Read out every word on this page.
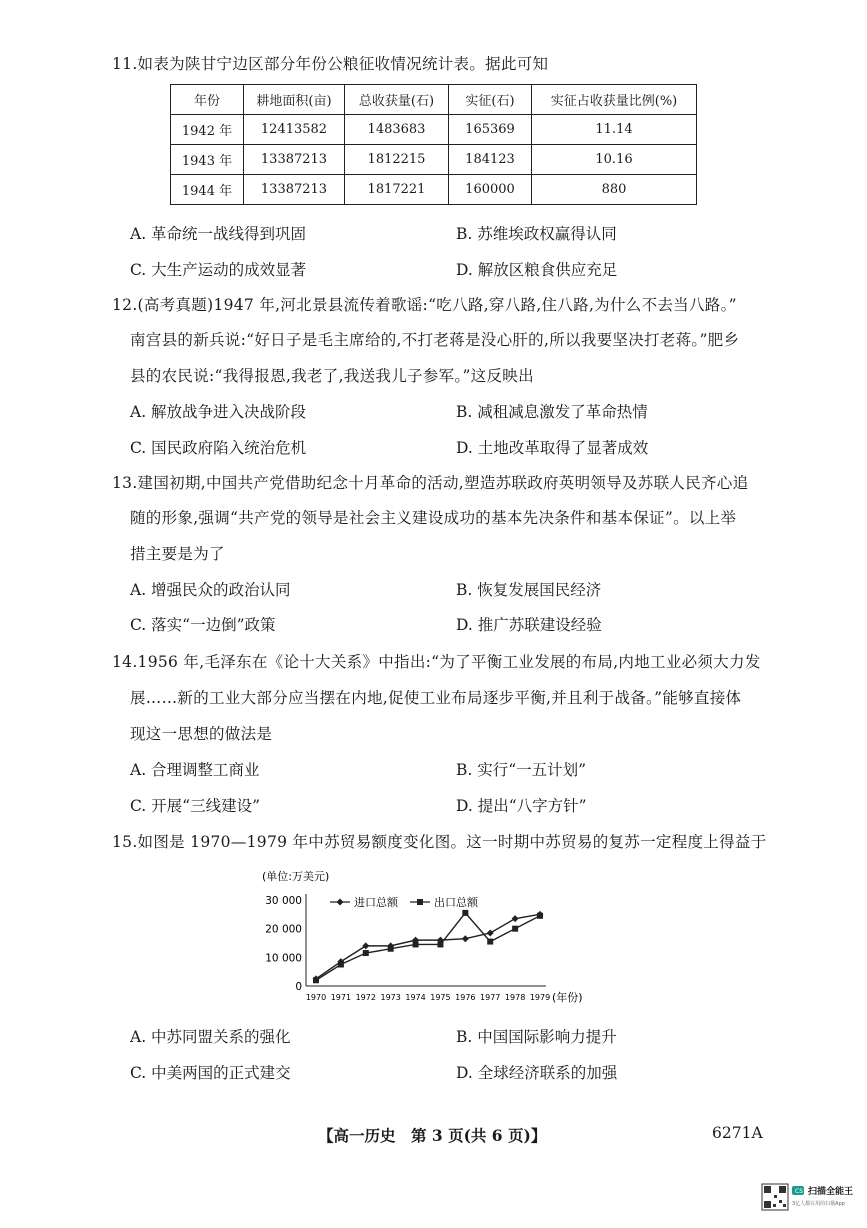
11.如表为陕甘宁边区部分年份公粮征收情况统计表。据此可知
年份	耕地面积(亩)	总收获量(石)	实征(石)	实征占收获量比例(%)
1942 年	12413582	1483683	165369	11.14
1943 年	13387213	1812215	184123	10.16
1944 年	13387213	1817221	160000	880
A. 革命统一战线得到巩固	B. 苏维埃政权赢得认同
C. 大生产运动的成效显著	D. 解放区粮食供应充足
12.(高考真题)1947 年,河北景县流传着歌谣:“吃八路,穿八路,住八路,为什么不去当八路。”
南宫县的新兵说:“好日子是毛主席给的,不打老蒋是没心肝的,所以我要坚决打老蒋。”肥乡
县的农民说:“我得报恩,我老了,我送我儿子参军。”这反映出
A. 解放战争进入决战阶段	B. 减租减息激发了革命热情
C. 国民政府陷入统治危机	D. 土地改革取得了显著成效
13.建国初期,中国共产党借助纪念十月革命的活动,塑造苏联政府英明领导及苏联人民齐心追
随的形象,强调“共产党的领导是社会主义建设成功的基本先决条件和基本保证”。以上举
措主要是为了
A. 增强民众的政治认同	B. 恢复发展国民经济
C. 落实“一边倒”政策	D. 推广苏联建设经验
14.1956 年,毛泽东在《论十大关系》中指出:“为了平衡工业发展的布局,内地工业必须大力发
展……新的工业大部分应当摆在内地,促使工业布局逐步平衡,并且利于战备。”能够直接体
现这一思想的做法是
A. 合理调整工商业	B. 实行“一五计划”
C. 开展“三线建设”	D. 提出“八字方针”
15.如图是 1970—1979 年中苏贸易额度变化图。这一时期中苏贸易的复苏一定程度上得益于
(单位:万美元)
进口总额	出口总额
0
10 000
20 000
30 000
1970 1971 1972 1973 1974 1975 1976 1977 1978 1979 (年份)
A. 中苏同盟关系的强化	B. 中国国际影响力提升
C. 中美两国的正式建交	D. 全球经济联系的加强
【高一历史　第 3 页(共 6 页)】	6271A
CS 扫描全能王
3亿人都在用的扫描App
